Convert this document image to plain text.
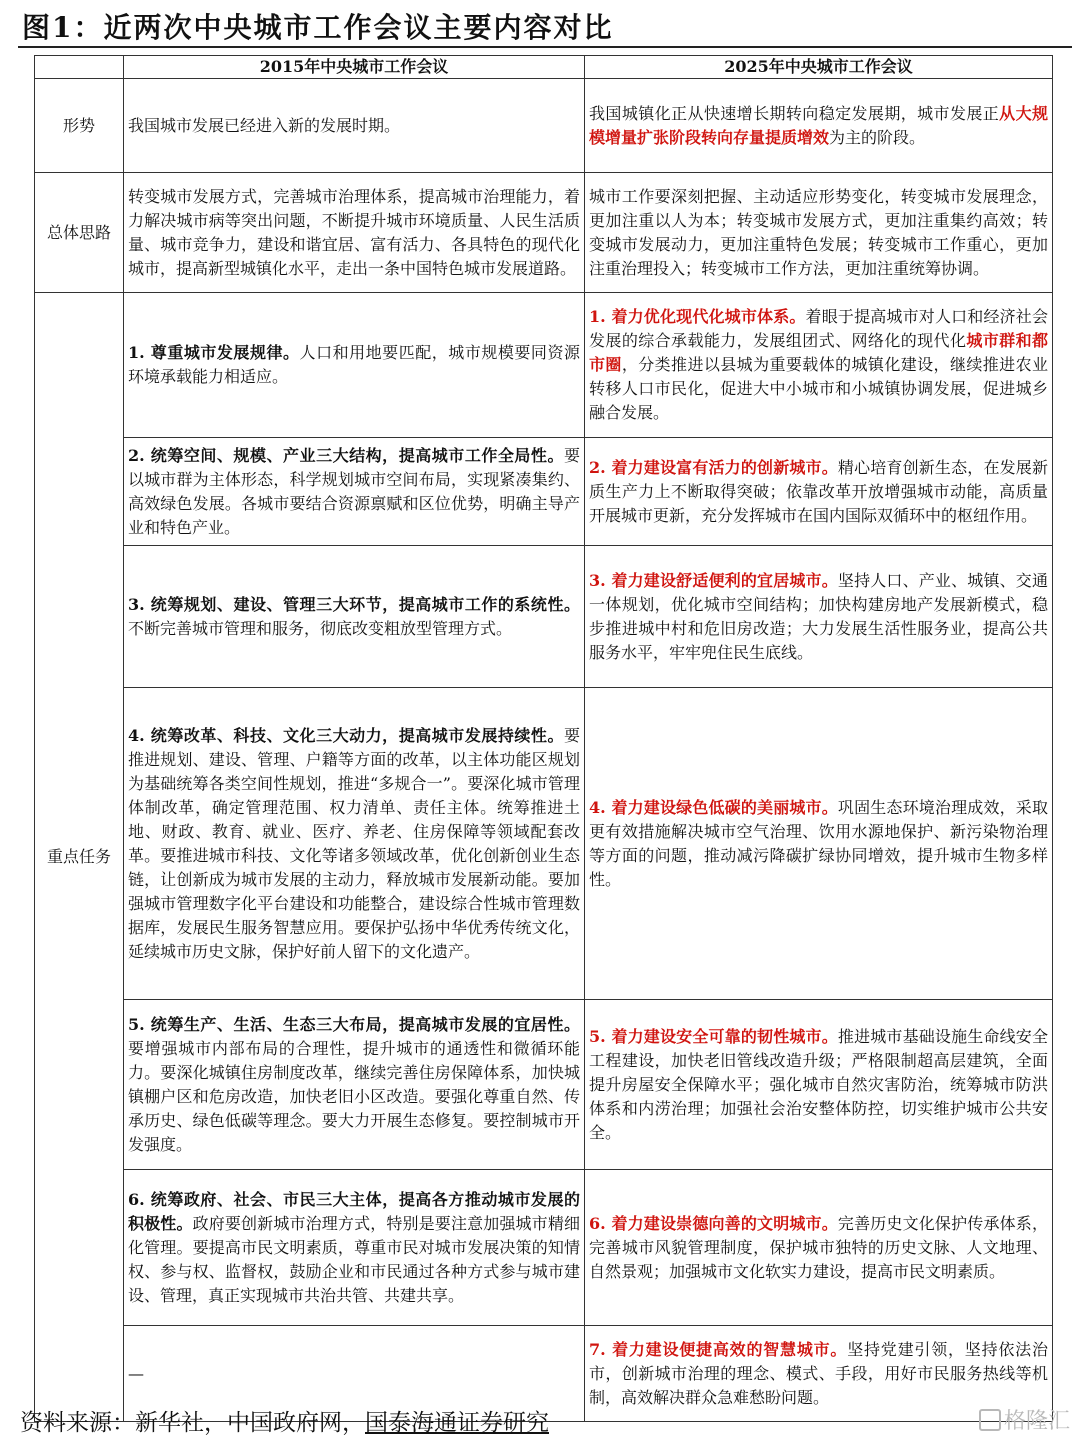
图1：近两次中央城市工作会议主要内容对比
	2015年中央城市工作会议	2025年中央城市工作会议
形势	我国城市发展已经进入新的发展时期。	我国城镇化正从快速增长期转向稳定发展期，城市发展正从大规模增量扩张阶段转向存量提质增效为主的阶段。
总体思路	转变城市发展方式，完善城市治理体系，提高城市治理能力，着力解决城市病等突出问题，不断提升城市环境质量、人民生活质量、城市竞争力，建设和谐宜居、富有活力、各具特色的现代化城市，提高新型城镇化水平，走出一条中国特色城市发展道路。	城市工作要深刻把握、主动适应形势变化，转变城市发展理念，更加注重以人为本；转变城市发展方式，更加注重集约高效；转变城市发展动力，更加注重特色发展；转变城市工作重心，更加注重治理投入；转变城市工作方法，更加注重统筹协调。
重点任务	1. 尊重城市发展规律。人口和用地要匹配，城市规模要同资源环境承载能力相适应。	1. 着力优化现代化城市体系。着眼于提高城市对人口和经济社会发展的综合承载能力，发展组团式、网络化的现代化城市群和都市圈，分类推进以县城为重要载体的城镇化建设，继续推进农业转移人口市民化，促进大中小城市和小城镇协调发展，促进城乡融合发展。
	2. 统筹空间、规模、产业三大结构，提高城市工作全局性。要以城市群为主体形态，科学规划城市空间布局，实现紧凑集约、高效绿色发展。各城市要结合资源禀赋和区位优势，明确主导产业和特色产业。	2. 着力建设富有活力的创新城市。精心培育创新生态，在发展新质生产力上不断取得突破；依靠改革开放增强城市动能，高质量开展城市更新，充分发挥城市在国内国际双循环中的枢纽作用。
	3. 统筹规划、建设、管理三大环节，提高城市工作的系统性。不断完善城市管理和服务，彻底改变粗放型管理方式。	3. 着力建设舒适便利的宜居城市。坚持人口、产业、城镇、交通一体规划，优化城市空间结构；加快构建房地产发展新模式，稳步推进城中村和危旧房改造；大力发展生活性服务业，提高公共服务水平，牢牢兜住民生底线。
	4. 统筹改革、科技、文化三大动力，提高城市发展持续性。要推进规划、建设、管理、户籍等方面的改革，以主体功能区规划为基础统筹各类空间性规划，推进“多规合一”。要深化城市管理体制改革，确定管理范围、权力清单、责任主体。统筹推进土地、财政、教育、就业、医疗、养老、住房保障等领域配套改革。要推进城市科技、文化等诸多领域改革，优化创新创业生态链，让创新成为城市发展的主动力，释放城市发展新动能。要加强城市管理数字化平台建设和功能整合，建设综合性城市管理数据库，发展民生服务智慧应用。要保护弘扬中华优秀传统文化，延续城市历史文脉，保护好前人留下的文化遗产。	4. 着力建设绿色低碳的美丽城市。巩固生态环境治理成效，采取更有效措施解决城市空气治理、饮用水源地保护、新污染物治理等方面的问题，推动减污降碳扩绿协同增效，提升城市生物多样性。
	5. 统筹生产、生活、生态三大布局，提高城市发展的宜居性。要增强城市内部布局的合理性，提升城市的通透性和微循环能力。要深化城镇住房制度改革，继续完善住房保障体系，加快城镇棚户区和危房改造，加快老旧小区改造。要强化尊重自然、传承历史、绿色低碳等理念。要大力开展生态修复。要控制城市开发强度。	5. 着力建设安全可靠的韧性城市。推进城市基础设施生命线安全工程建设，加快老旧管线改造升级；严格限制超高层建筑，全面提升房屋安全保障水平；强化城市自然灾害防治，统筹城市防洪体系和内涝治理；加强社会治安整体防控，切实维护城市公共安全。
	6. 统筹政府、社会、市民三大主体，提高各方推动城市发展的积极性。政府要创新城市治理方式，特别是要注意加强城市精细化管理。要提高市民文明素质，尊重市民对城市发展决策的知情权、参与权、监督权，鼓励企业和市民通过各种方式参与城市建设、管理，真正实现城市共治共管、共建共享。	6. 着力建设崇德向善的文明城市。完善历史文化保护传承体系，完善城市风貌管理制度，保护城市独特的历史文脉、人文地理、自然景观；加强城市文化软实力建设，提高市民文明素质。
	—	7. 着力建设便捷高效的智慧城市。坚持党建引领，坚持依法治市，创新城市治理的理念、模式、手段，用好市民服务热线等机制，高效解决群众急难愁盼问题。
资料来源：新华社，中国政府网，国泰海通证券研究	格隆汇
